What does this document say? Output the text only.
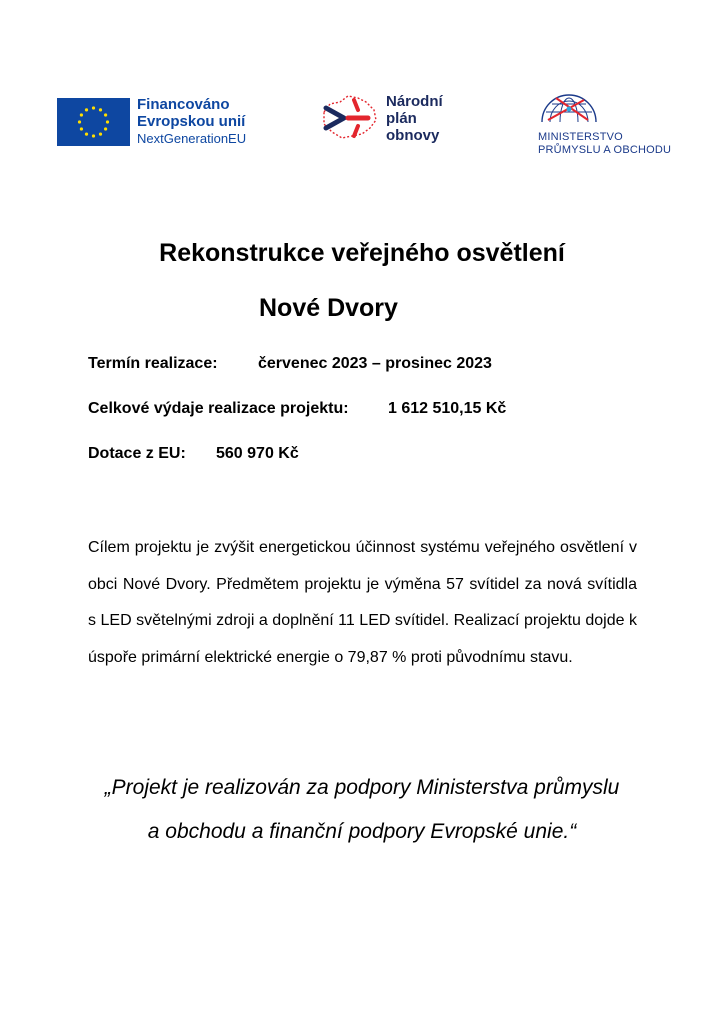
Financováno
Evropskou unií
NextGenerationEU
Národní
plán
obnovy	MINISTERSTVO
PRŮMYSLU A OBCHODU
Rekonstrukce veřejného osvětlení
Nové Dvory
Termín realizace:	červenec 2023 – prosinec 2023
Celkové výdaje realizace projektu: 1 612 510,15 Kč
Dotace z EU: 560 970 Kč
Cílem projektu je zvýšit energetickou účinnost systému veřejného osvětlení v obci Nové Dvory. Předmětem projektu je výměna 57 svítidel za nová svítidla s LED světelnými zdroji a doplnění 11 LED svítidel. Realizací projektu dojde k úspoře primární elektrické energie o 79,87 % proti původnímu stavu.
„Projekt je realizován za podpory Ministerstva průmyslu
a obchodu a finanční podpory Evropské unie.“
